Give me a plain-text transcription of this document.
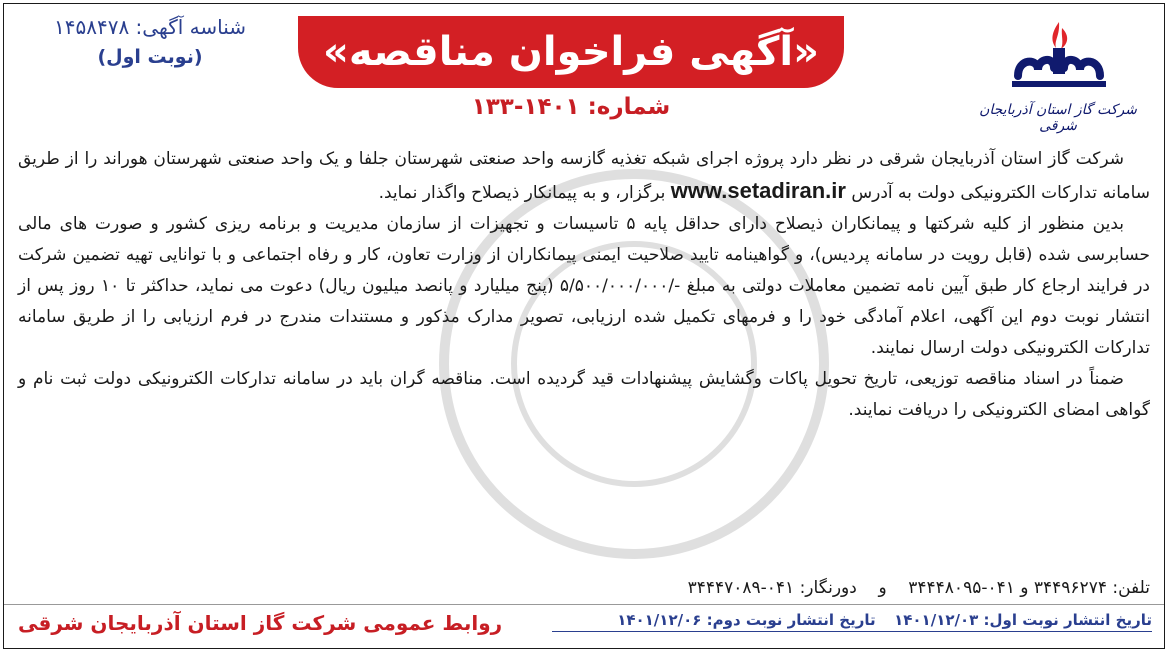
شرکت گاز استان آذربایجان شرقی
«آگهی فراخوان مناقصه»
شماره: ۱۴۰۱-۱۳۳
شناسه آگهی: ۱۴۵۸۴۷۸
(نوبت اول)

شرکت گاز استان آذربایجان شرقی در نظر دارد پروژه اجرای شبکه تغذیه گازسه واحد صنعتی شهرستان جلفا و یک واحد صنعتی شهرستان هوراند را از طریق سامانه تدارکات الکترونیکی دولت به آدرس www.setadiran.ir برگزار، و به پیمانکار ذیصلاح واگذار نماید.

بدین منظور از کلیه شرکتها و پیمانکاران ذیصلاح دارای حداقل پایه ۵ تاسیسات و تجهیزات از سازمان مدیریت و برنامه ریزی کشور و صورت های مالی حسابرسی شده (قابل رویت در سامانه پردیس)، و گواهینامه تایید صلاحیت ایمنی پیمانکاران از وزارت تعاون، کار و رفاه اجتماعی و با توانایی تهیه تضمین شرکت در فرایند ارجاع کار طبق آیین نامه تضمین معاملات دولتی به مبلغ -/۵/۵۰۰/۰۰۰/۰۰۰ (پنج میلیارد و پانصد میلیون ریال) دعوت می نماید، حداکثر تا ۱۰ روز پس از انتشار نوبت دوم این آگهی، اعلام آمادگی خود را و فرمهای تکمیل شده ارزیابی، تصویر مدارک مذکور و مستندات مندرج در فرم ارزیابی را از طریق سامانه تدارکات الکترونیکی دولت ارسال نمایند.

ضمناً در اسناد مناقصه توزیعی، تاریخ تحویل پاکات وگشایش پیشنهادات قید گردیده است. مناقصه گران باید در سامانه تدارکات الکترونیکی دولت ثبت نام و گواهی امضای الکترونیکی را دریافت نمایند.

تلفن: ۳۴۴۹۶۲۷۴ و ۰۴۱-۳۴۴۴۸۰۹۵    و    دورنگار: ۰۴۱-۳۴۴۴۷۰۸۹
تاریخ انتشار نوبت اول: ۱۴۰۱/۱۲/۰۳  تاریخ انتشار نوبت دوم: ۱۴۰۱/۱۲/۰۶
روابط عمومی شرکت گاز استان آذربایجان شرقی
